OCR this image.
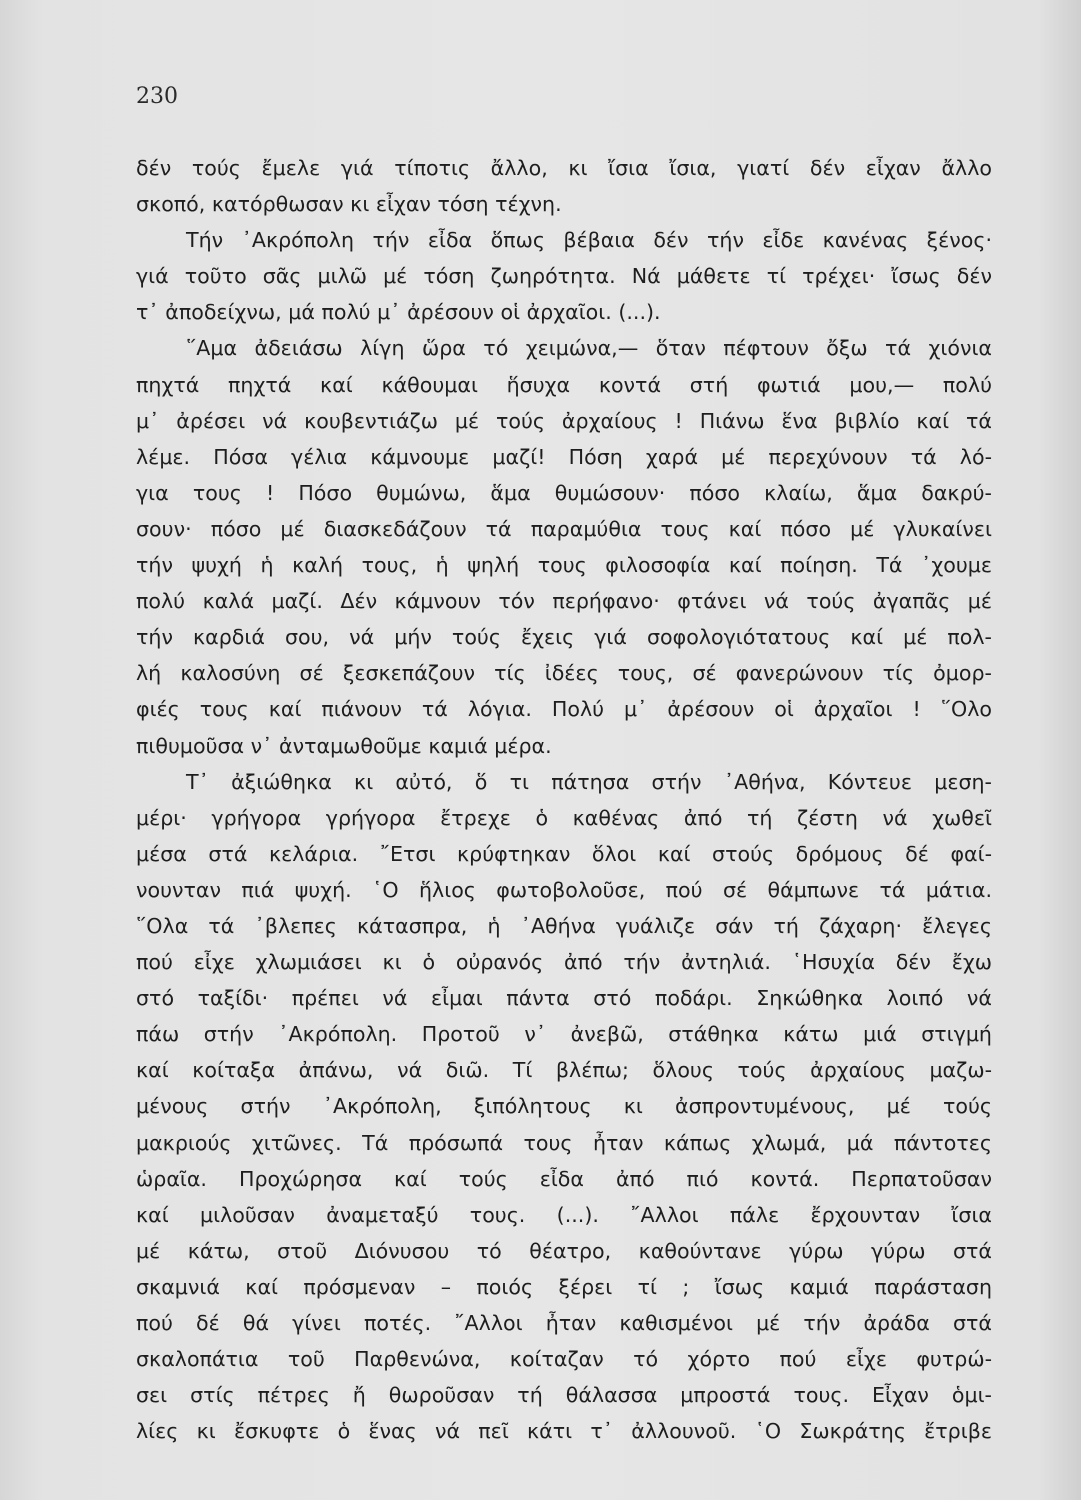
230
δέν τούς ἔμελε γιά τίποτις ἄλλο, κι ἴσια ἴσια, γιατί δέν εἶχαν ἄλλο
σκοπό, κατόρθωσαν κι εἶχαν τόση τέχνη.
Τήν ᾿Ακρόπολη τήν εἶδα ὅπως βέβαια δέν τήν εἶδε κανένας ξένος·
γιά τοῦτο σᾶς μιλῶ μέ τόση ζωηρότητα. Νά μάθετε τί τρέχει· ἴσως δέν
τ᾿ ἀποδείχνω, μά πολύ μ᾿ ἀρέσουν οἱ ἀρχαῖοι. (...).
῞Αμα ἀδειάσω λίγη ὥρα τό χειμώνα,— ὅταν πέφτουν ὄξω τά χιόνια
πηχτά πηχτά καί κάθουμαι ἥσυχα κοντά στή φωτιά μου,— πολύ
μ᾿ ἀρέσει νά κουβεντιάζω μέ τούς ἀρχαίους ! Πιάνω ἕνα βιβλίο καί τά
λέμε. Πόσα γέλια κάμνουμε μαζί! Πόση χαρά μέ περεχύνουν τά λό-
για τους ! Πόσο θυμώνω, ἅμα θυμώσουν· πόσο κλαίω, ἅμα δακρύ-
σουν· πόσο μέ διασκεδάζουν τά παραμύθια τους καί πόσο μέ γλυκαίνει
τήν ψυχή ἡ καλή τους, ἡ ψηλή τους φιλοσοφία καί ποίηση. Τά ᾿χουμε
πολύ καλά μαζί. Δέν κάμνουν τόν περήφανο· φτάνει νά τούς ἀγαπᾶς μέ
τήν καρδιά σου, νά μήν τούς ἔχεις γιά σοφολογιότατους καί μέ πολ-
λή καλοσύνη σέ ξεσκεπάζουν τίς ἰδέες τους, σέ φανερώνουν τίς ὀμορ-
φιές τους καί πιάνουν τά λόγια. Πολύ μ᾿ ἀρέσουν οἱ ἀρχαῖοι ! ῞Ολο
πιθυμοῦσα ν᾿ ἀνταμωθοῦμε καμιά μέρα.
Τ᾿ ἀξιώθηκα κι αὐτό, ὅ τι πάτησα στήν ᾿Αθήνα, Κόντευε μεση-
μέρι· γρήγορα γρήγορα ἔτρεχε ὁ καθένας ἀπό τή ζέστη νά χωθεῖ
μέσα στά κελάρια. ῎Ετσι κρύφτηκαν ὅλοι καί στούς δρόμους δέ φαί-
νουνταν πιά ψυχή. ῾Ο ἥλιος φωτοβολοῦσε, πού σέ θάμπωνε τά μάτια.
῞Ολα τά ᾿βλεπες κάτασπρα, ἡ ᾿Αθήνα γυάλιζε σάν τή ζάχαρη· ἔλεγες
πού εἶχε χλωμιάσει κι ὁ οὐρανός ἀπό τήν ἀντηλιά. ῾Ησυχία δέν ἔχω
στό ταξίδι· πρέπει νά εἶμαι πάντα στό ποδάρι. Σηκώθηκα λοιπό νά
πάω στήν ᾿Ακρόπολη. Προτοῦ ν᾿ ἀνεβῶ, στάθηκα κάτω μιά στιγμή
καί κοίταξα ἀπάνω, νά διῶ. Τί βλέπω; ὅλους τούς ἀρχαίους μαζω-
μένους στήν ᾿Ακρόπολη, ξιπόλητους κι ἀσπροντυμένους, μέ τούς
μακριούς χιτῶνες. Τά πρόσωπά τους ἦταν κάπως χλωμά, μά πάντοτες
ὡραῖα. Προχώρησα καί τούς εἶδα ἀπό πιό κοντά. Περπατοῦσαν
καί μιλοῦσαν ἀναμεταξύ τους. (...). ῎Αλλοι πάλε ἔρχουνταν ἴσια
μέ κάτω, στοῦ Διόνυσου τό θέατρο, καθούντανε γύρω γύρω στά
σκαμνιά καί πρόσμεναν – ποιός ξέρει τί ; ἴσως καμιά παράσταση
πού δέ θά γίνει ποτές. ῎Αλλοι ἦταν καθισμένοι μέ τήν ἀράδα στά
σκαλοπάτια τοῦ Παρθενώνα, κοίταζαν τό χόρτο πού εἶχε φυτρώ-
σει στίς πέτρες ἤ θωροῦσαν τή θάλασσα μπροστά τους. Εἶχαν ὁμι-
λίες κι ἔσκυφτε ὁ ἕνας νά πεῖ κάτι τ᾿ ἀλλουνοῦ. ῾Ο Σωκράτης ἔτριβε
